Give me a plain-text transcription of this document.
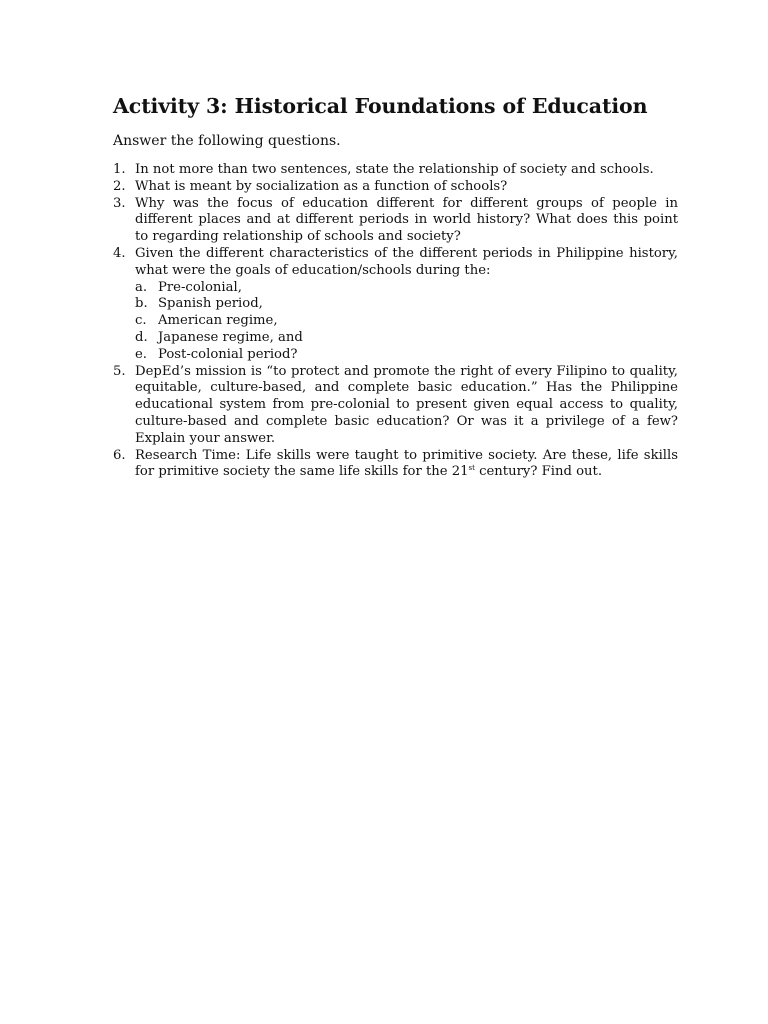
Activity 3: Historical Foundations of Education

Answer the following questions.

1. In not more than two sentences, state the relationship of society and schools.
2. What is meant by socialization as a function of schools?
3. Why was the focus of education different for different groups of people in different places and at different periods in world history? What does this point to regarding relationship of schools and society?
4. Given the different characteristics of the different periods in Philippine history, what were the goals of education/schools during the:
a. Pre-colonial,
b. Spanish period,
c. American regime,
d. Japanese regime, and
e. Post-colonial period?
5. DepEd’s mission is “to protect and promote the right of every Filipino to quality, equitable, culture-based, and complete basic education.” Has the Philippine educational system from pre-colonial to present given equal access to quality, culture-based and complete basic education? Or was it a privilege of a few? Explain your answer.
6. Research Time: Life skills were taught to primitive society. Are these, life skills for primitive society the same life skills for the 21st century? Find out.
